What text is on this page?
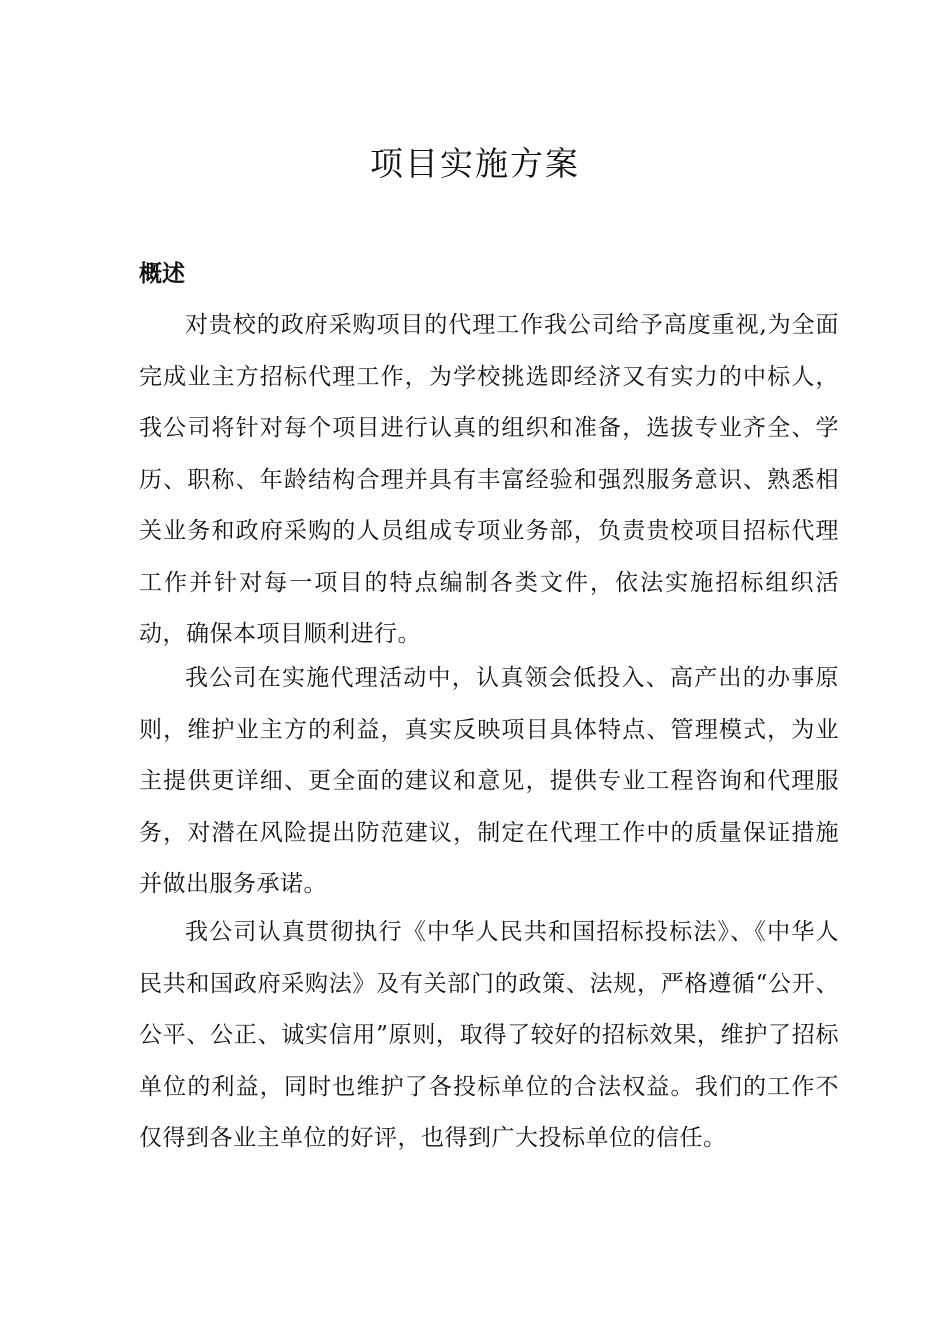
项目实施方案
概述

对贵校的政府采购项目的代理工作我公司给予高度重视,为全面完成业主方招标代理工作，为学校挑选即经济又有实力的中标人，我公司将针对每个项目进行认真的组织和准备，选拔专业齐全、学历、职称、年龄结构合理并具有丰富经验和强烈服务意识、熟悉相关业务和政府采购的人员组成专项业务部，负责贵校项目招标代理工作并针对每一项目的特点编制各类文件，依法实施招标组织活动，确保本项目顺利进行。

我公司在实施代理活动中，认真领会低投入、高产出的办事原则，维护业主方的利益，真实反映项目具体特点、管理模式，为业主提供更详细、更全面的建议和意见，提供专业工程咨询和代理服务，对潜在风险提出防范建议，制定在代理工作中的质量保证措施并做出服务承诺。

我公司认真贯彻执行《中华人民共和国招标投标法》、《中华人民共和国政府采购法》及有关部门的政策、法规，严格遵循“公开、公平、公正、诚实信用”原则，取得了较好的招标效果，维护了招标单位的利益，同时也维护了各投标单位的合法权益。我们的工作不仅得到各业主单位的好评，也得到广大投标单位的信任。
